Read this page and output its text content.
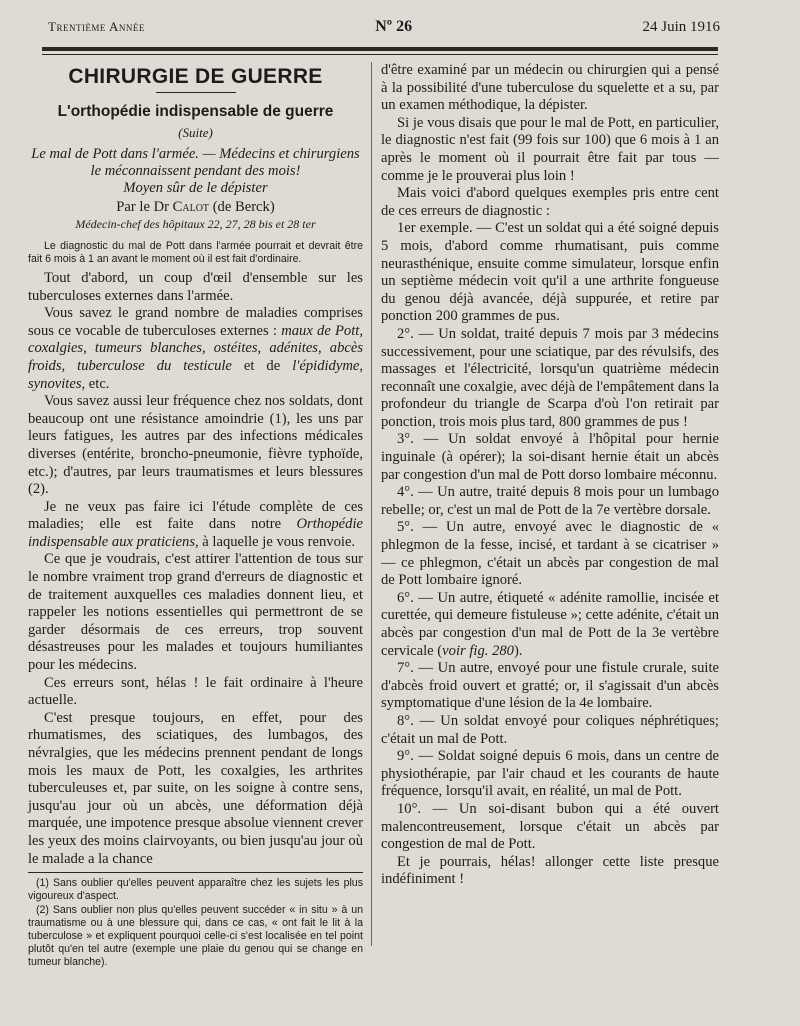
Trentième Année	Nº 26	24 Juin 1916
CHIRURGIE DE GUERRE
L'orthopédie indispensable de guerre
(Suite)
Le mal de Pott dans l'armée. — Médecins et chirurgiens
le méconnaissent pendant des mois!
Moyen sûr de le dépister
Par le Dr Calot (de Berck)
Médecin-chef des hôpitaux 22, 27, 28 bis et 28 ter

Le diagnostic du mal de Pott dans l'armée pourrait et devrait être fait 6 mois à 1 an avant le moment où il est fait d'ordinaire.

Tout d'abord, un coup d'œil d'ensemble sur les tuberculoses externes dans l'armée.

Vous savez le grand nombre de maladies comprises sous ce vocable de tuberculoses externes : maux de Pott, coxalgies, tumeurs blanches, ostéites, adénites, abcès froids, tuberculose du testicule et de l'épididyme, synovites, etc.

Vous savez aussi leur fréquence chez nos soldats, dont beaucoup ont une résistance amoindrie (1), les uns par leurs fatigues, les autres par des infections médicales diverses (entérite, broncho-pneumonie, fièvre typhoïde, etc.); d'autres, par leurs traumatismes et leurs blessures (2).

Je ne veux pas faire ici l'étude complète de ces maladies; elle est faite dans notre Orthopédie indispensable aux praticiens, à laquelle je vous renvoie.

Ce que je voudrais, c'est attirer l'attention de tous sur le nombre vraiment trop grand d'erreurs de diagnostic et de traitement auxquelles ces maladies donnent lieu, et rappeler les notions essentielles qui permettront de se garder désormais de ces erreurs, trop souvent désastreuses pour les malades et toujours humiliantes pour les médecins.

Ces erreurs sont, hélas ! le fait ordinaire à l'heure actuelle.

C'est presque toujours, en effet, pour des rhumatismes, des sciatiques, des lumbagos, des névralgies, que les médecins prennent pendant de longs mois les maux de Pott, les coxalgies, les arthrites tuberculeuses et, par suite, on les soigne à contre sens, jusqu'au jour où un abcès, une déformation déjà marquée, une impotence presque absolue viennent crever les yeux des moins clairvoyants, ou bien jusqu'au jour où le malade a la chance

(1) Sans oublier qu'elles peuvent apparaître chez les sujets les plus vigoureux d'aspect.

(2) Sans oublier non plus qu'elles peuvent succéder « in situ » à un traumatisme ou à une blessure qui, dans ce cas, « ont fait le lit à la tuberculose » et expliquent pourquoi celle-ci s'est localisée en tel point plutôt qu'en tel autre (exemple une plaie du genou qui se change en tumeur blanche).

d'être examiné par un médecin ou chirurgien qui a pensé à la possibilité d'une tuberculose du squelette et a su, par un examen méthodique, la dépister.

Si je vous disais que pour le mal de Pott, en particulier, le diagnostic n'est fait (99 fois sur 100) que 6 mois à 1 an après le moment où il pourrait être fait par tous — comme je le prouverai plus loin !

Mais voici d'abord quelques exemples pris entre cent de ces erreurs de diagnostic :

1er exemple. — C'est un soldat qui a été soigné depuis 5 mois, d'abord comme rhumatisant, puis comme neurasthénique, ensuite comme simulateur, lorsque enfin un septième médecin voit qu'il a une arthrite fongueuse du genou déjà avancée, déjà suppurée, et retire par ponction 200 grammes de pus.

2°. — Un soldat, traité depuis 7 mois par 3 médecins successivement, pour une sciatique, par des révulsifs, des massages et l'électricité, lorsqu'un quatrième médecin reconnaît une coxalgie, avec déjà de l'empâtement dans la profondeur du triangle de Scarpa d'où l'on retirait par ponction, trois mois plus tard, 800 grammes de pus !

3°. — Un soldat envoyé à l'hôpital pour hernie inguinale (à opérer); la soi-disant hernie était un abcès par congestion d'un mal de Pott dorso lombaire méconnu.

4°. — Un autre, traité depuis 8 mois pour un lumbago rebelle; or, c'est un mal de Pott de la 7e vertèbre dorsale.

5°. — Un autre, envoyé avec le diagnostic de « phlegmon de la fesse, incisé, et tardant à se cicatriser » — ce phlegmon, c'était un abcès par congestion de mal de Pott lombaire ignoré.

6°. — Un autre, étiqueté « adénite ramollie, incisée et curettée, qui demeure fistuleuse »; cette adénite, c'était un abcès par congestion d'un mal de Pott de la 3e vertèbre cervicale (voir fig. 280).

7°. — Un autre, envoyé pour une fistule crurale, suite d'abcès froid ouvert et gratté; or, il s'agissait d'un abcès symptomatique d'une lésion de la 4e lombaire.

8°. — Un soldat envoyé pour coliques néphrétiques; c'était un mal de Pott.

9°. — Soldat soigné depuis 6 mois, dans un centre de physiothérapie, par l'air chaud et les courants de haute fréquence, lorsqu'il avait, en réalité, un mal de Pott.

10°. — Un soi-disant bubon qui a été ouvert malencontreusement, lorsque c'était un abcès par congestion de mal de Pott.

Et je pourrais, hélas! allonger cette liste presque indéfiniment !
